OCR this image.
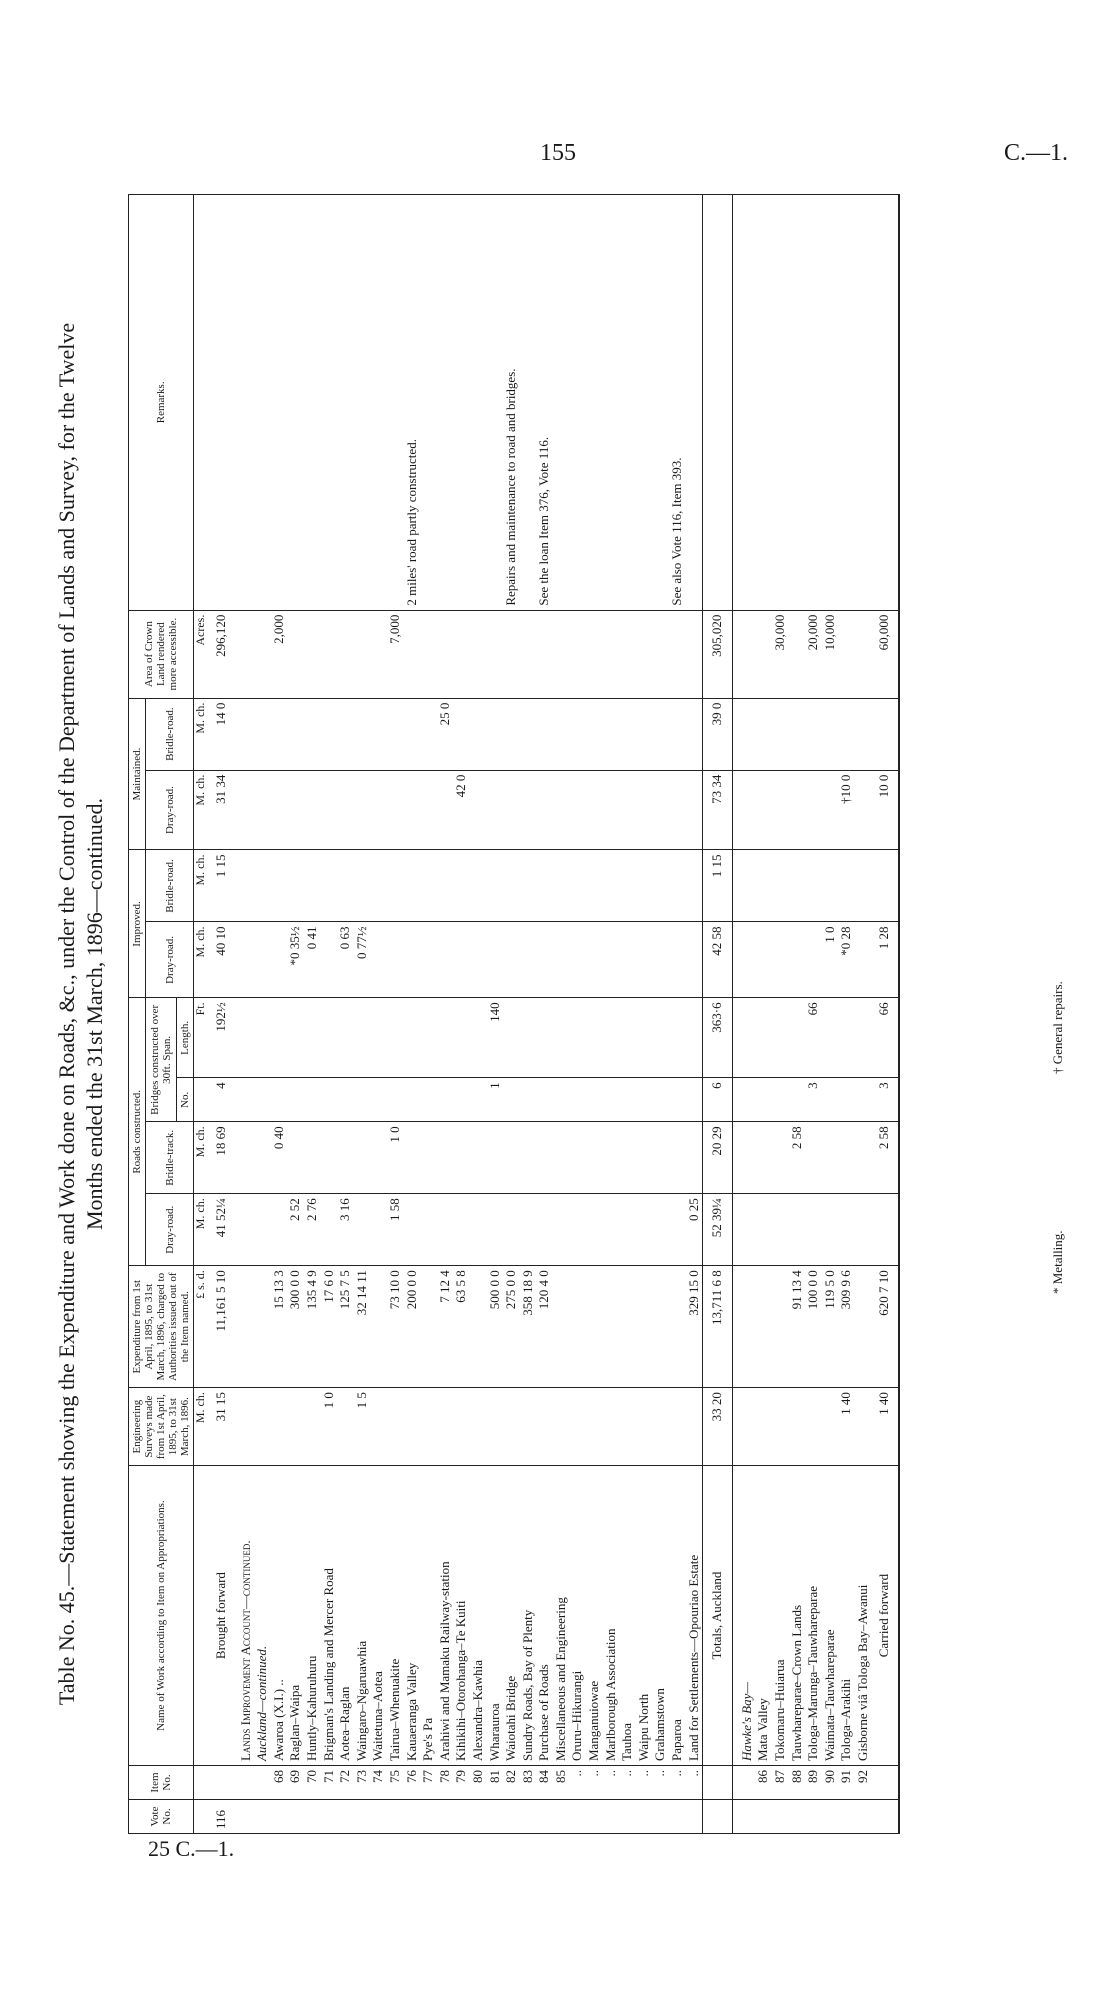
155	C.—1.
25 C.—1.
Table No. 45.—Statement showing the Expenditure and Work done on Roads, &c., under the Control of the Department of Lands and Survey, for the Twelve Months ended the 31st March, 1896—continued.
Vote No.	Item No.	Name of Work according to Item on Appropriations.	Engineering Surveys made from 1st April, 1895, to 31st March, 1896.	Expenditure from 1st April, 1895, to 31st March, 1896, charged to Authorities issued out of the Item named.	Roads constructed.				Improved.		Maintained.		Area of Crown Land rendered more accessible.	Remarks.
					Dray-road.	Bridle-track.	Bridges constructed over 30ft. Span.		Dray-road.	Bridle-road.	Dray-road.	Bridle-road.		
							No.	Length.						
			M. ch.	£ s. d.	M. ch.	M. ch.		Ft.	M. ch.	M. ch.	M. ch.	M. ch.	Acres.	
116		Brought forward	31 15	11,161 5 10	41 52¼	18 69	4	192½	40 10	1 15	31 34	14 0	296,120	
		Lands Improvement Account—continued.												
		Auckland—continued.												
	68	Awaroa (X.I.) ..		15 13 3		0 40							2,000	
	69	Raglan–Waipa		300 0 0	2 52				*0 35½					
	70	Huntly–Kahuruhuru		135 4 9	2 76				0 41					
	71	Brigman's Landing and Mercer Road	1 0	17 6 0										
	72	Aotea–Raglan		125 7 5	3 16				0 63					
	73	Waingaro–Ngaruawhia	1 5	32 14 11					0 77½					
	74	Waitetuna–Aotea												
	75	Tairua–Whenuakite		73 10 0	1 58	1 0							7,000	
	76	Kauaeranga Valley		200 0 0										2 miles' road partly constructed.
	77	Pye's Pa												
	78	Arahiwi and Mamaku Railway-station		7 12 4								25 0		
	79	Kihikihi–Otorohanga–Te Kuiti		63 5 8							42 0			
	80	Alexandra–Kawhia												
	81	Wharauroa		500 0 0			1	140						
	82	Waiotahi Bridge		275 0 0										Repairs and maintenance to road and bridges.
	83	Sundry Roads, Bay of Plenty		358 18 9										
	84	Purchase of Roads		120 4 0										See the loan Item 376, Vote 116.
	85	Miscellaneous and Engineering												
	..	Oruru–Hikurangi												
	..	Manganuiowae												
	..	Marlborough Association												
	..	Tauhoa												
	..	Waipu North												
	..	Grahamstown												
	..	Paparoa												See also Vote 116, Item 393.
	..	Land for Settlements—Opouriao Estate		329 15 0	0 25									
		Totals, Auckland	33 20	13,711 6 8	52 39¼	20 29	6	363·6	42 58	1 15	73 34	39 0	305,020	
		Hawke's Bay—												
	86	Mata Valley												
	87	Tokomaru–Huiarua											30,000	
	88	Tauwhareparae–Crown Lands		91 13 4		2 58								
	89	Tologa–Marunga–Tauwhareparae		100 0 0			3	66					20,000	
	90	Waimata–Tauwhareparae		119 5 0					1 0				10,000	
	91	Tologa–Arakihi	1 40	309 9 6					*0 28		†10 0			
	92	Gisborne viâ Tologa Bay–Awanui												
		Carried forward	1 40	620 7 10		2 58	3	66	1 28		10 0		60,000	
* Metalling.
† General repairs.
